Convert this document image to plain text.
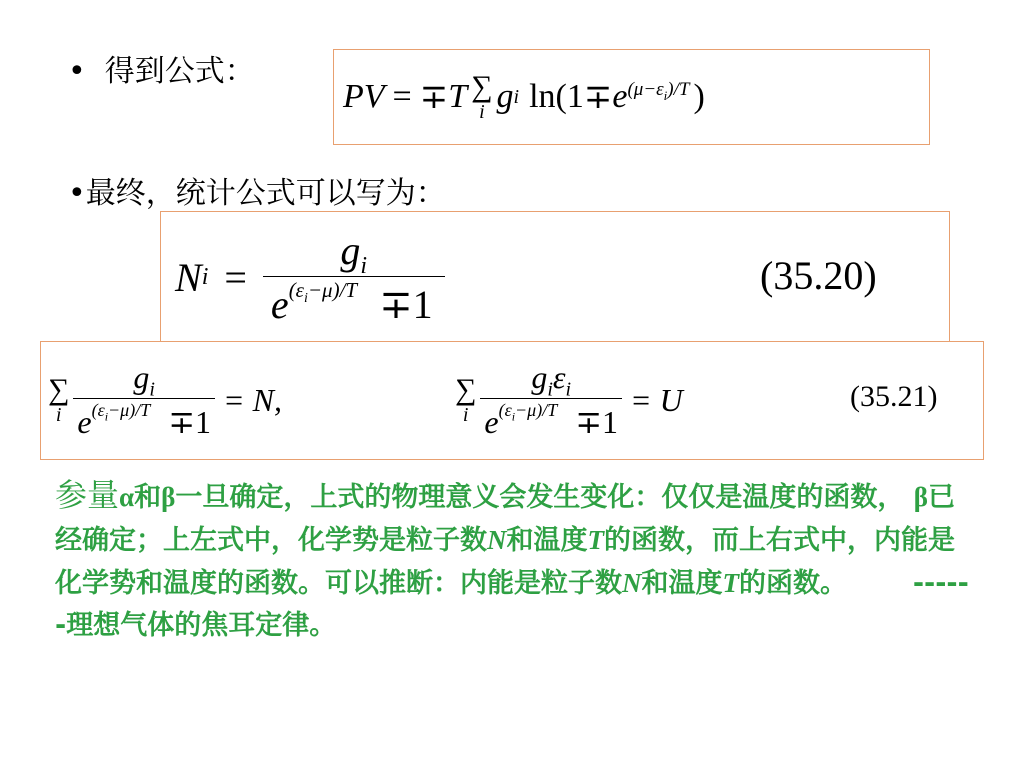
• 得到公式：
PV = ∓ T ∑
i g i ln(1 ∓ e $^{(\mu-\varepsilon_i)/T}$ )
•最终，统计公式可以写为：
N $i = \frac{g_i}{e^{(\varepsilon_i-\mu)/T} \mp 1}$	(35.20)
∑
i $\frac{g_i}{e^{(\varepsilon_i-\mu)/T} \mp 1} = N$,	∑
i $\frac{g_i\varepsilon_i}{e^{(\varepsilon_i-\mu)/T} \mp 1} = U$	(35.21)
参量α和β一旦确定，上式的物理意义会发生变化：仅仅是温度的函数， β已经确定；上左式中，化学势是粒子数N和温度T的函数，而上右式中，内能是化学势和温度的函数。可以推断：内能是粒子数N和温度T的函数。 ------理想气体的焦耳定律。
